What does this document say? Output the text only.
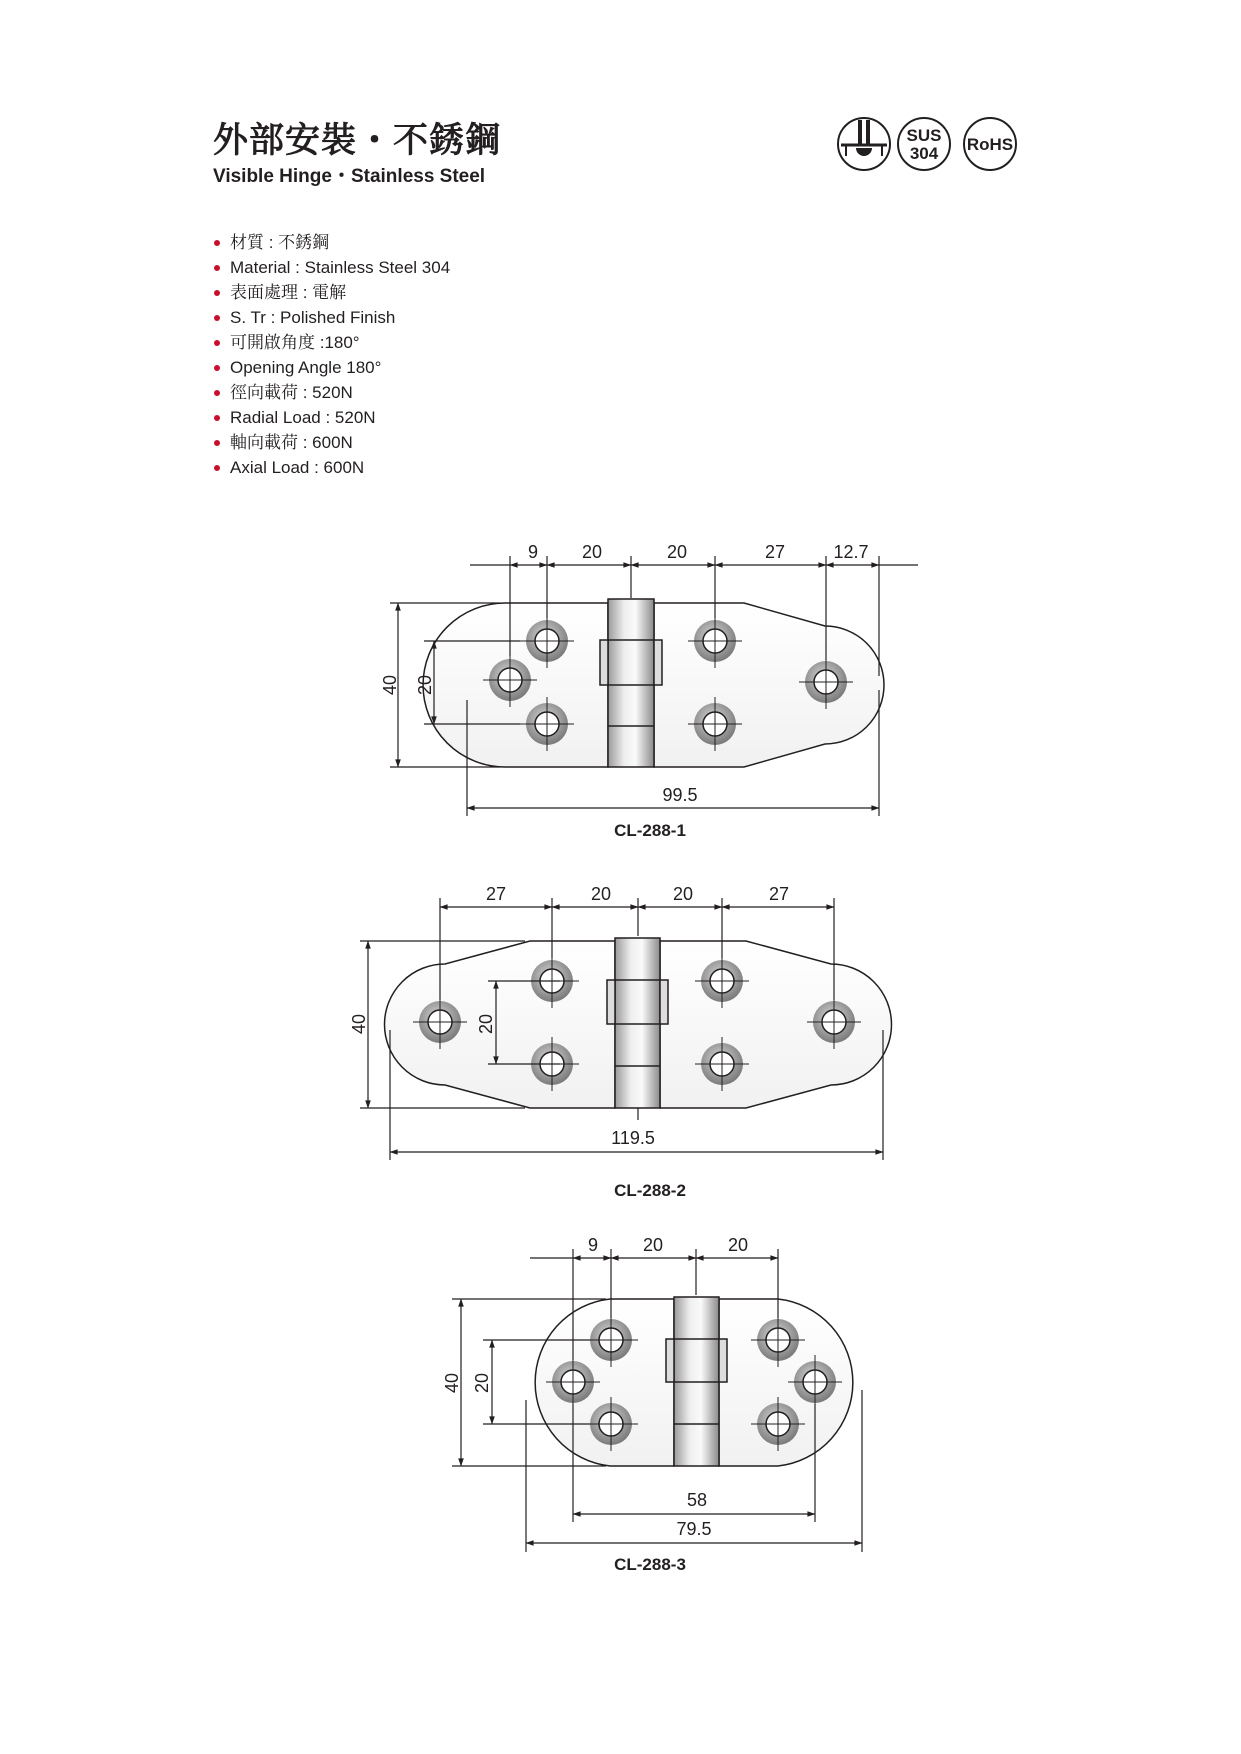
外部安裝・不銹鋼
Visible Hinge・Stainless Steel
SUS
304 RoHS
材質 : 不銹鋼
Material : Stainless Steel 304
表面處理 : 電解
S. Tr : Polished Finish
可開啟角度 :180°
Opening Angle 180°
徑向載荷 : 520N
Radial Load : 520N
軸向載荷 : 600N
Axial Load : 600N
9 20	20	27	12.7
40 20
99.5
CL-288-1
27	20	20	27
40	20
119.5
CL-288-2
9 20	20
40 20
58
79.5
CL-288-3
